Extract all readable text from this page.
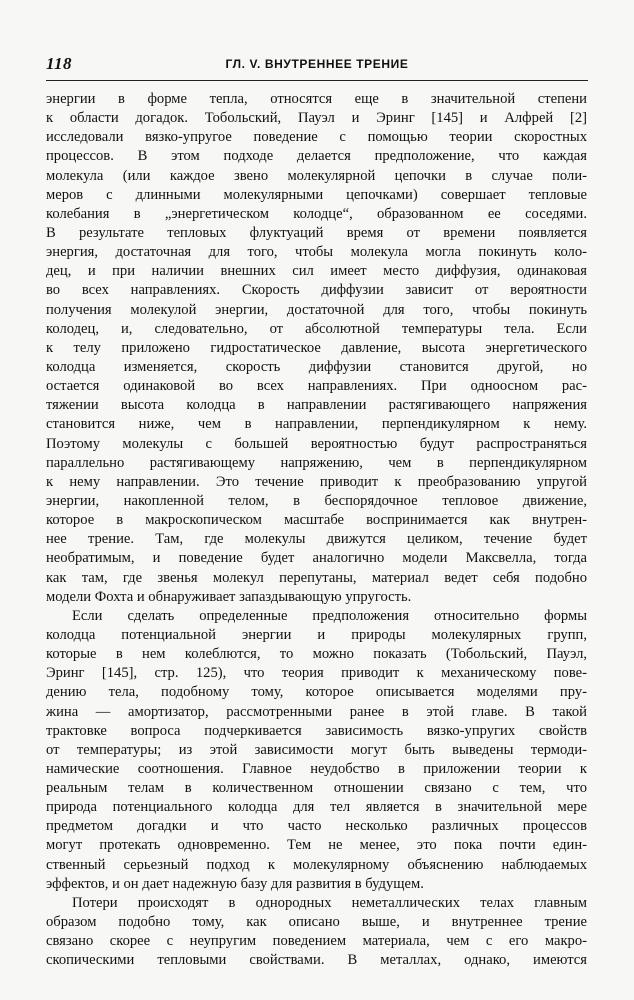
118	ГЛ. V. ВНУТРЕННЕЕ ТРЕНИЕ
энергии в форме тепла, относятся еще в значительной степени
к области догадок. Тобольский, Пауэл и Эринг [145] и Алфрей [2]
исследовали вязко-упругое поведение с помощью теории скоростных
процессов. В этом подходе делается предположение, что каждая
молекула (или каждое звено молекулярной цепочки в случае поли-
меров с длинными молекулярными цепочками) совершает тепловые
колебания в „энергетическом колодце“, образованном ее соседями.
В результате тепловых флуктуаций время от времени появляется
энергия, достаточная для того, чтобы молекула могла покинуть коло-
дец, и при наличии внешних сил имеет место диффузия, одинаковая
во всех направлениях. Скорость диффузии зависит от вероятности
получения молекулой энергии, достаточной для того, чтобы покинуть
колодец, и, следовательно, от абсолютной температуры тела. Если
к телу приложено гидростатическое давление, высота энергетического
колодца изменяется, скорость диффузии становится другой, но
остается одинаковой во всех направлениях. При одноосном рас-
тяжении высота колодца в направлении растягивающего напряжения
становится ниже, чем в направлении, перпендикулярном к нему.
Поэтому молекулы с большей вероятностью будут распространяться
параллельно растягивающему напряжению, чем в перпендикулярном
к нему направлении. Это течение приводит к преобразованию упругой
энергии, накопленной телом, в беспорядочное тепловое движение,
которое в макроскопическом масштабе воспринимается как внутрен-
нее трение. Там, где молекулы движутся целиком, течение будет
необратимым, и поведение будет аналогично модели Максвелла, тогда
как там, где звенья молекул перепутаны, материал ведет себя подобно
модели Фохта и обнаруживает запаздывающую упругость.
Если сделать определенные предположения относительно формы
колодца потенциальной энергии и природы молекулярных групп,
которые в нем колеблются, то можно показать (Тобольский, Пауэл,
Эринг [145], стр. 125), что теория приводит к механическому пове-
дению тела, подобному тому, которое описывается моделями пру-
жина — амортизатор, рассмотренными ранее в этой главе. В такой
трактовке вопроса подчеркивается зависимость вязко-упругих свойств
от температуры; из этой зависимости могут быть выведены термоди-
намические соотношения. Главное неудобство в приложении теории к
реальным телам в количественном отношении связано с тем, что
природа потенциального колодца для тел является в значительной мере
предметом догадки и что часто несколько различных процессов
могут протекать одновременно. Тем не менее, это пока почти един-
ственный серьезный подход к молекулярному объяснению наблюдаемых
эффектов, и он дает надежную базу для развития в будущем.
Потери происходят в однородных неметаллических телах главным
образом подобно тому, как описано выше, и внутреннее трение
связано скорее с неупругим поведением материала, чем с его макро-
скопическими тепловыми свойствами. В металлах, однако, имеются
